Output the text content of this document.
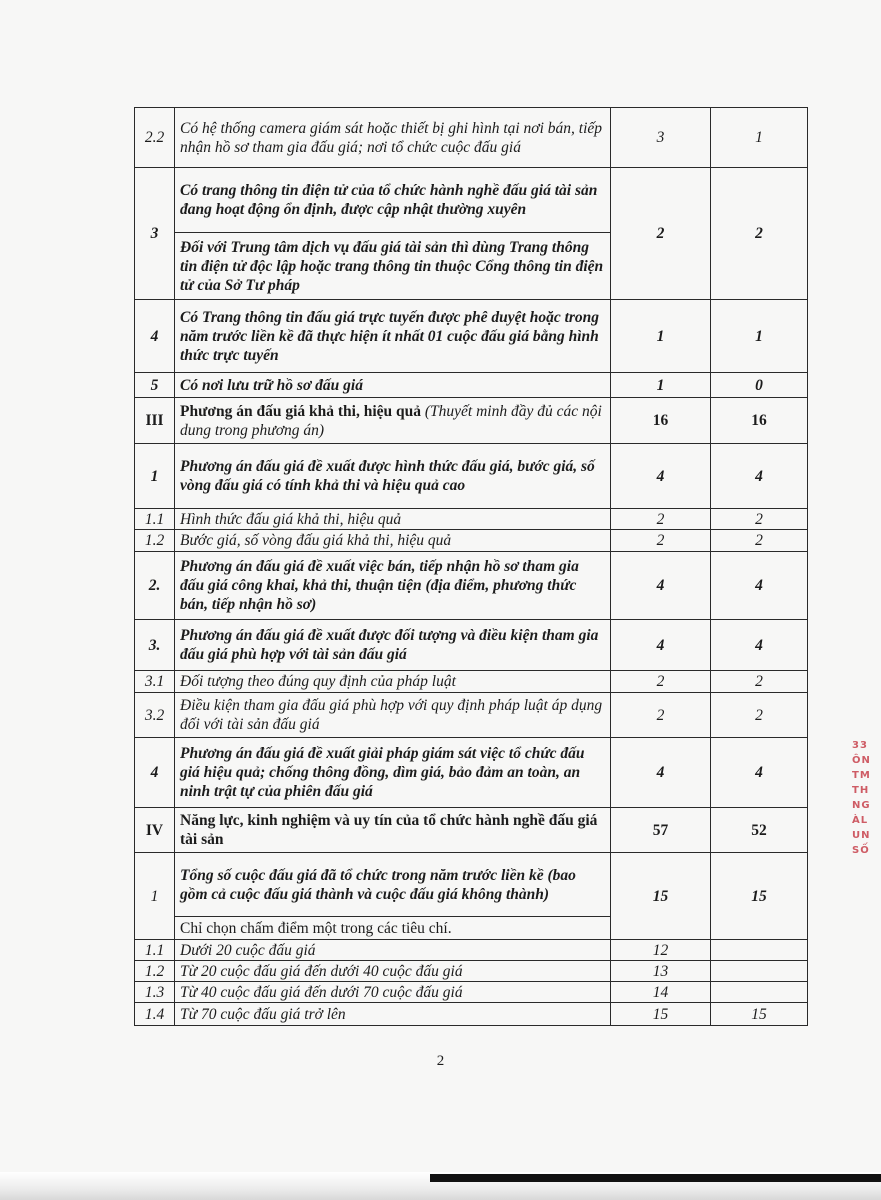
2.2	Có hệ thống camera giám sát hoặc thiết bị ghi hình tại nơi bán, tiếp nhận hồ sơ tham gia đấu giá; nơi tổ chức cuộc đấu giá	3	1
3	Có trang thông tin điện tử của tổ chức hành nghề đấu giá tài sản đang hoạt động ổn định, được cập nhật thường xuyên	2	2
	Đối với Trung tâm dịch vụ đấu giá tài sản thì dùng Trang thông tin điện tử độc lập hoặc trang thông tin thuộc Cổng thông tin điện tử của Sở Tư pháp		
4	Có Trang thông tin đấu giá trực tuyến được phê duyệt hoặc trong năm trước liền kề đã thực hiện ít nhất 01 cuộc đấu giá bằng hình thức trực tuyến	1	1
5	Có nơi lưu trữ hồ sơ đấu giá	1	0
III	Phương án đấu giá khả thi, hiệu quả (Thuyết minh đầy đủ các nội dung trong phương án)	16	16
1	Phương án đấu giá đề xuất được hình thức đấu giá, bước giá, số vòng đấu giá có tính khả thi và hiệu quả cao	4	4
1.1	Hình thức đấu giá khả thi, hiệu quả	2	2
1.2	Bước giá, số vòng đấu giá khả thi, hiệu quả	2	2
2.	Phương án đấu giá đề xuất việc bán, tiếp nhận hồ sơ tham gia đấu giá công khai, khả thi, thuận tiện (địa điểm, phương thức bán, tiếp nhận hồ sơ)	4	4
3.	Phương án đấu giá đề xuất được đối tượng và điều kiện tham gia đấu giá phù hợp với tài sản đấu giá	4	4
3.1	Đối tượng theo đúng quy định của pháp luật	2	2
3.2	Điều kiện tham gia đấu giá phù hợp với quy định pháp luật áp dụng đối với tài sản đấu giá	2	2
4	Phương án đấu giá đề xuất giải pháp giám sát việc tổ chức đấu giá hiệu quả; chống thông đồng, dìm giá, bảo đảm an toàn, an ninh trật tự của phiên đấu giá	4	4
IV	Năng lực, kinh nghiệm và uy tín của tổ chức hành nghề đấu giá tài sản	57	52
1	Tổng số cuộc đấu giá đã tổ chức trong năm trước liền kề (bao gồm cả cuộc đấu giá thành và cuộc đấu giá không thành)	15	15
	Chỉ chọn chấm điểm một trong các tiêu chí.		
1.1	Dưới 20 cuộc đấu giá	12	
1.2	Từ 20 cuộc đấu giá đến dưới 40 cuộc đấu giá	13	
1.3	Từ 40 cuộc đấu giá đến dưới 70 cuộc đấu giá	14	
1.4	Từ 70 cuộc đấu giá trở lên	15	15
2
33
ÔN
TM
TH
NG
ÀL
UN
SỐ
